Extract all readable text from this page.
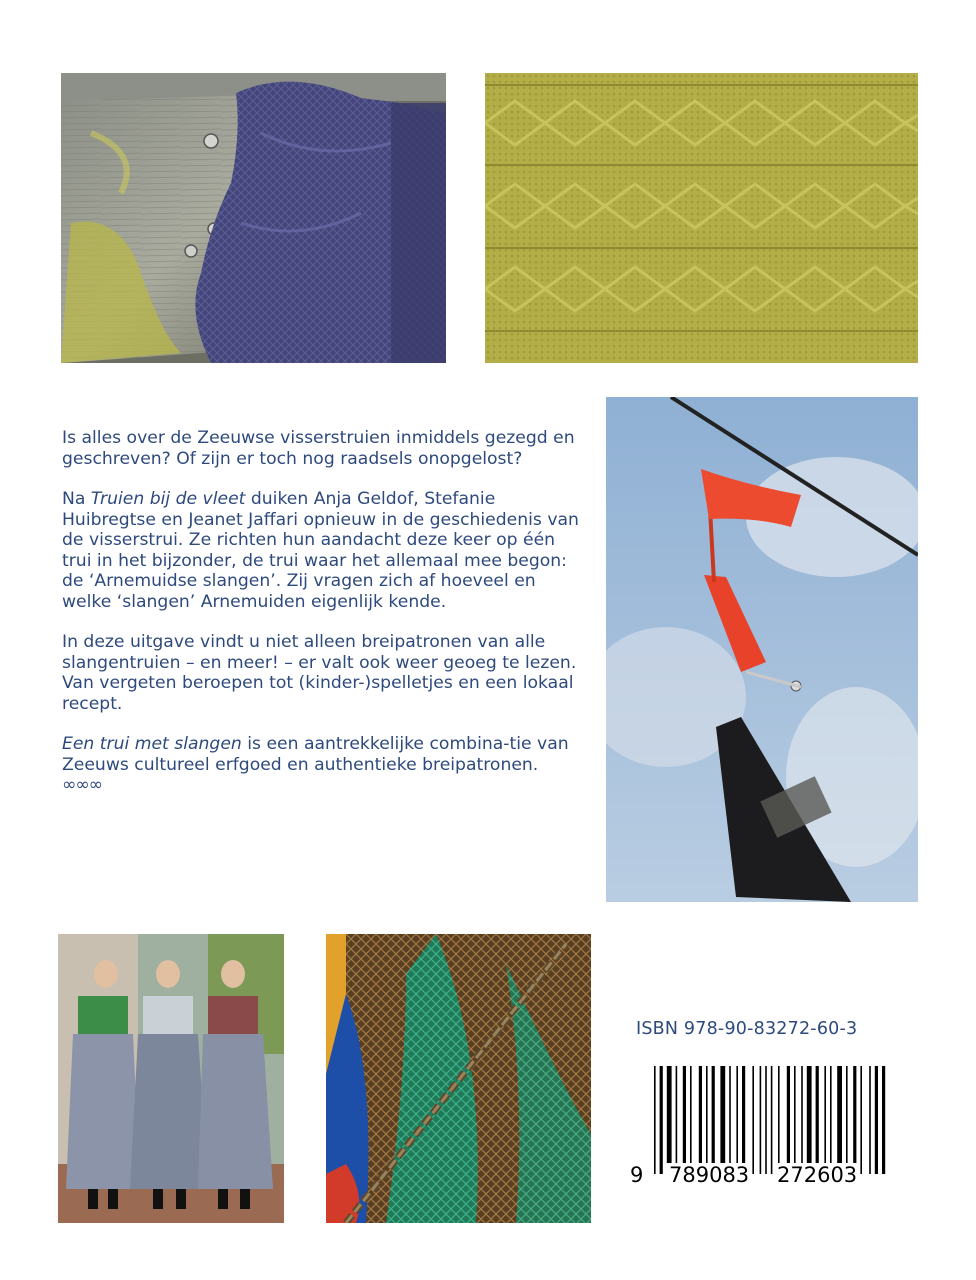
Is alles over de Zeeuwse visserstruien inmiddels gezegd en geschreven? Of zijn er toch nog raadsels onopgelost?

Na Truien bij de vleet duiken Anja Geldof, Stefanie Huibregtse en Jeanet Jaffari opnieuw in de geschiedenis van de visserstrui. Ze richten hun aandacht deze keer op één trui in het bijzonder, de trui waar het allemaal mee begon: de ‘Arnemuidse slangen’. Zij vragen zich af hoeveel en welke ‘slangen’ Arnemuiden eigenlijk kende.

In deze uitgave vindt u niet alleen breipatronen van alle slangentruien – en meer! – er valt ook weer geoeg te lezen. Van vergeten beroepen tot (kinder-)spelletjes en een lokaal recept.

Een trui met slangen is een aantrekkelijke combina-tie van Zeeuws cultureel erfgoed en authentieke breipatronen.

∞∞∞
ISBN 978-90-83272-60-3
9 789083 272603
